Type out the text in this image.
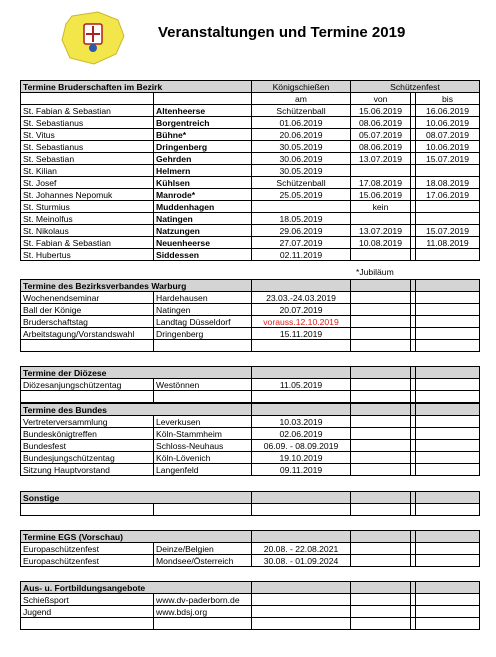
Veranstaltungen und Termine 2019
Termine Bruderschaften im Bezirk		Königschießen	Schützenfest		
		am	von		bis
St. Fabian & Sebastian	Altenheerse	Schützenball	15.06.2019		16.06.2019
St. Sebastianus	Borgentreich	01.06.2019	08.06.2019		10.06.2019
St. Vitus	Bühne*	20.06.2019	05.07.2019		08.07.2019
St. Sebastianus	Dringenberg	30.05.2019	08.06.2019		10.06.2019
St. Sebastian	Gehrden	30.06.2019	13.07.2019		15.07.2019
St. Kilian	Helmern	30.05.2019			
St. Josef	Kühlsen	Schützenball	17.08.2019		18.08.2019
St. Johannes Nepomuk	Manrode*	25.05.2019	15.06.2019		17.06.2019
St. Sturmius	Muddenhagen		kein		
St. Meinolfus	Natingen	18.05.2019			
St. Nikolaus	Natzungen	29.06.2019	13.07.2019		15.07.2019
St. Fabian & Sebastian	Neuenheerse	27.07.2019	10.08.2019		11.08.2019
St. Hubertus	Siddessen	02.11.2019			
*Jubiläum
Termine des Bezirksverbandes Warburg					
Wochenendseminar	Hardehausen	23.03.-24.03.2019			
Ball der Könige	Natingen	20.07.2019			
Bruderschaftstag	Landtag Düsseldorf	vorauss.12.10.2019			
Arbeitstagung/Vorstandswahl	Dringenberg	15.11.2019			

Termine der Diözese					
Diözesanjungschützentag	Westönnen	11.05.2019			

Termine des Bundes					
Vertreterversammlung	Leverkusen	10.03.2019			
Bundeskönigtreffen	Köln-Stammheim	02.06.2019			
Bundesfest	Schloss-Neuhaus	06.09. - 08.09.2019			
Bundesjungschützentag	Köln-Lövenich	19.10.2019			
Sitzung Hauptvorstand	Langenfeld	09.11.2019			
Sonstige					

Termine EGS (Vorschau)					
Europaschützenfest	Deinze/Belgien	20.08. - 22.08.2021			
Europaschützenfest	Mondsee/Österreich	30.08. - 01.09.2024			
Aus- u. Fortbildungsangebote					
Schießsport	www.dv-paderborn.de				
Jugend	www.bdsj.org				
